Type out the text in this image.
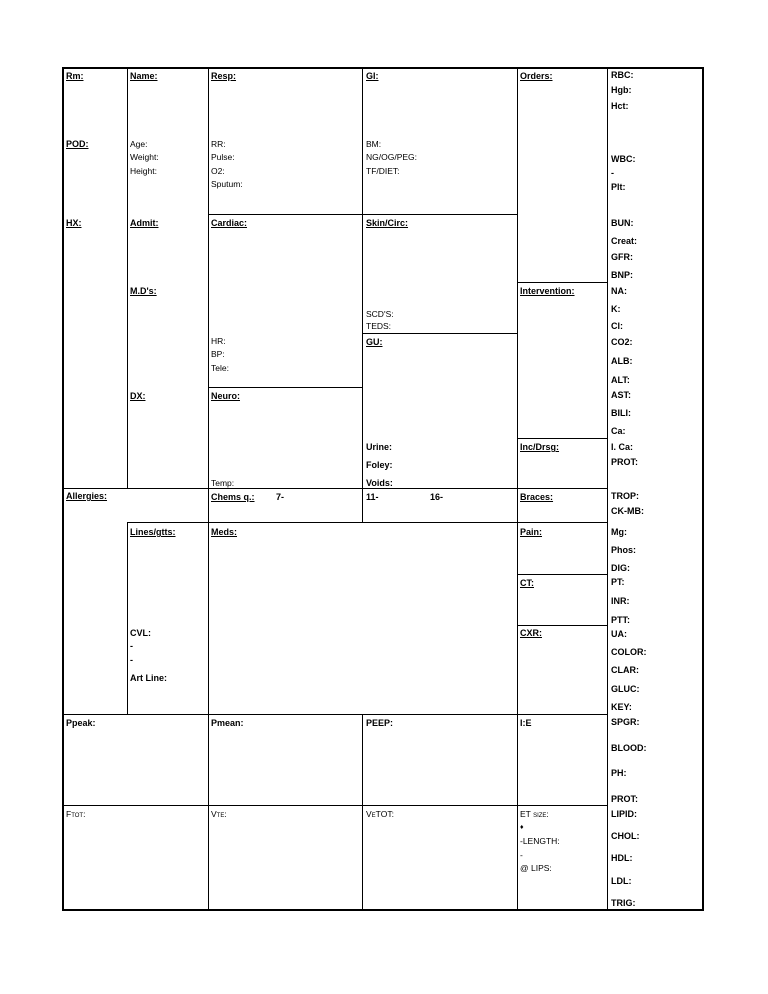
Rm:
POD:
HX:
Allergies:
Name:
Age:
Weight:
Height:
Admit:
M.D's:
DX:
Lines/gtts:
CVL:
-
-
Art Line:
Resp:
RR:
Pulse:
O2:
Sputum:
Cardiac:
HR:
BP:
Tele:
Neuro:
Temp:
Chems q.: 7-
Meds:
GI:
BM:
NG/OG/PEG:
TF/DIET:
Skin/Circ:
SCD'S:
TEDS:
GU:
Urine:
Foley:
Voids:
11-	16-
Orders:
Intervention:
Inc/Drsg:
Braces:
Pain:
CT:
CXR:
RBC:
Hgb:
Hct:
WBC:
-
Plt:
BUN:
Creat:
GFR:
BNP:
NA:
K:
Cl:
CO2:
ALB:
ALT:
AST:
BILI:
Ca:
I. Ca:
PROT:
TROP:
CK-MB:
Mg:
Phos:
DIG:
PT:
INR:
PTT:
UA:
COLOR:
CLAR:
GLUC:
KEY:
SPGR:
BLOOD:
PH:
PROT:
LIPID:
CHOL:
HDL:
LDL:
TRIG:
Ppeak:	Pmean:	PEEP:	I:E
Ftot:	Vte:	VeTOT:	ET size:
♦
-LENGTH:
-
@ LIPS:
